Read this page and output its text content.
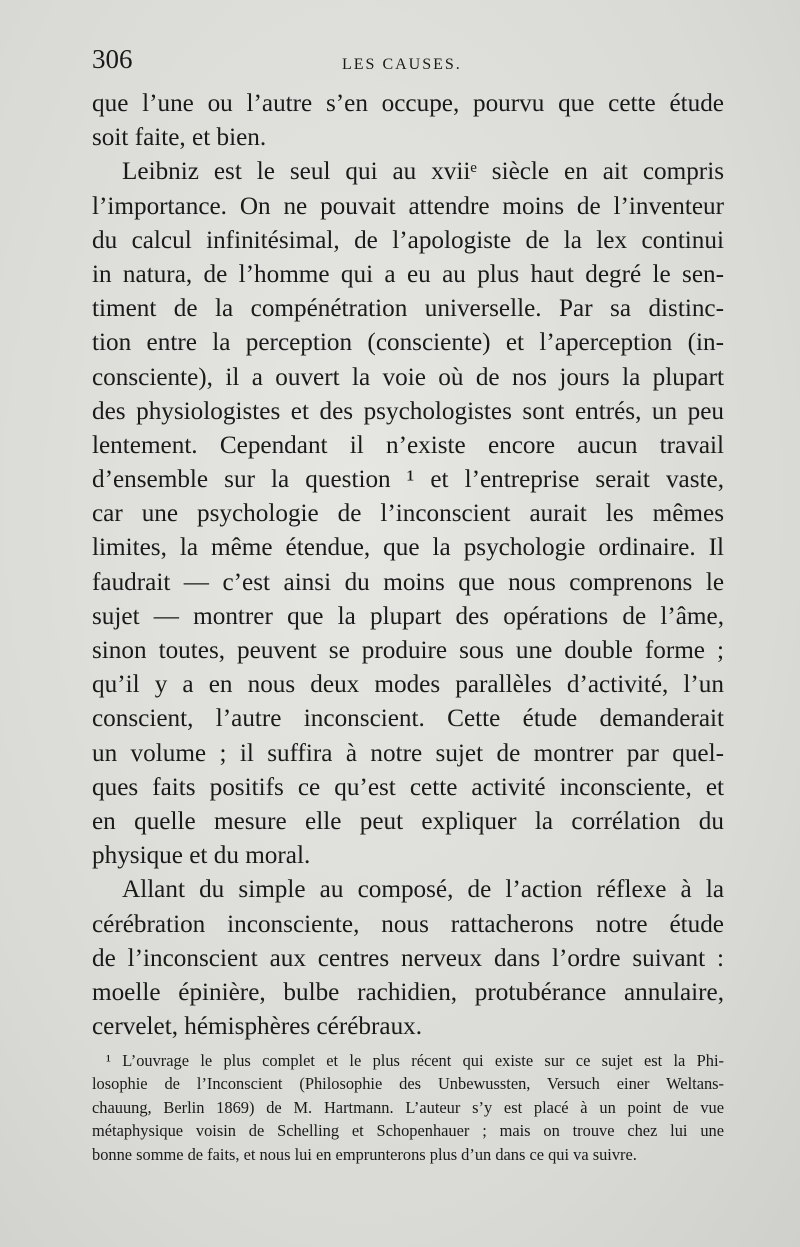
306	LES CAUSES.
que l’une ou l’autre s’en occupe, pourvu que cette étude
soit faite, et bien.
Leibniz est le seul qui au xviiᵉ siècle en ait compris
l’importance. On ne pouvait attendre moins de l’inventeur
du calcul infinitésimal, de l’apologiste de la lex continui
in natura, de l’homme qui a eu au plus haut degré le sen-
timent de la compénétration universelle. Par sa distinc-
tion entre la perception (consciente) et l’aperception (in-
consciente), il a ouvert la voie où de nos jours la plupart
des physiologistes et des psychologistes sont entrés, un peu
lentement. Cependant il n’existe encore aucun travail
d’ensemble sur la question ¹ et l’entreprise serait vaste,
car une psychologie de l’inconscient aurait les mêmes
limites, la même étendue, que la psychologie ordinaire. Il
faudrait — c’est ainsi du moins que nous comprenons le
sujet — montrer que la plupart des opérations de l’âme,
sinon toutes, peuvent se produire sous une double forme ;
qu’il y a en nous deux modes parallèles d’activité, l’un
conscient, l’autre inconscient. Cette étude demanderait
un volume ; il suffira à notre sujet de montrer par quel-
ques faits positifs ce qu’est cette activité inconsciente, et
en quelle mesure elle peut expliquer la corrélation du
physique et du moral.
Allant du simple au composé, de l’action réflexe à la
cérébration inconsciente, nous rattacherons notre étude
de l’inconscient aux centres nerveux dans l’ordre suivant :
moelle épinière, bulbe rachidien, protubérance annulaire,
cervelet, hémisphères cérébraux.
¹ L’ouvrage le plus complet et le plus récent qui existe sur ce sujet est la Phi-
losophie de l’Inconscient (Philosophie des Unbewussten, Versuch einer Weltans-
chauung, Berlin 1869) de M. Hartmann. L’auteur s’y est placé à un point de vue
métaphysique voisin de Schelling et Schopenhauer ; mais on trouve chez lui une
bonne somme de faits, et nous lui en emprunterons plus d’un dans ce qui va suivre.
